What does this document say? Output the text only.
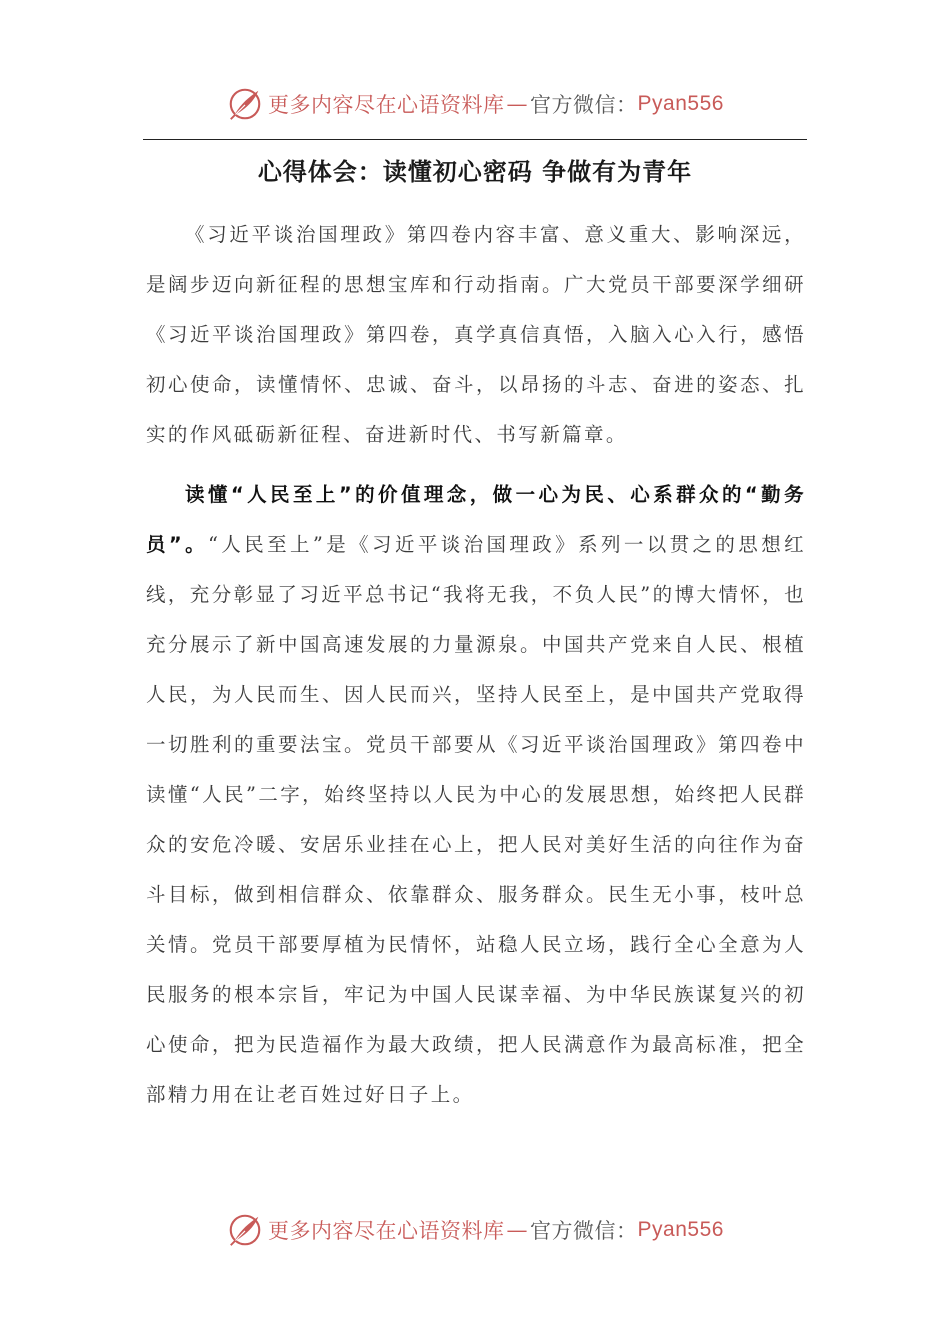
更多内容尽在心语资料库 — 官方微信： Pyan556
心得体会：读懂初心密码 争做有为青年

《习近平谈治国理政》第四卷内容丰富、意义重大、影响深远，是阔步迈向新征程的思想宝库和行动指南。广大党员干部要深学细研《习近平谈治国理政》第四卷，真学真信真悟，入脑入心入行，感悟初心使命，读懂情怀、忠诚、奋斗，以昂扬的斗志、奋进的姿态、扎实的作风砥砺新征程、奋进新时代、书写新篇章。

读懂“人民至上”的价值理念，做一心为民、心系群众的“勤务员”。“人民至上”是《习近平谈治国理政》系列一以贯之的思想红线，充分彰显了习近平总书记“我将无我，不负人民”的博大情怀，也充分展示了新中国高速发展的力量源泉。中国共产党来自人民、根植人民，为人民而生、因人民而兴，坚持人民至上，是中国共产党取得一切胜利的重要法宝。党员干部要从《习近平谈治国理政》第四卷中读懂“人民”二字，始终坚持以人民为中心的发展思想，始终把人民群众的安危冷暖、安居乐业挂在心上，把人民对美好生活的向往作为奋斗目标，做到相信群众、依靠群众、服务群众。民生无小事，枝叶总关情。党员干部要厚植为民情怀，站稳人民立场，践行全心全意为人民服务的根本宗旨，牢记为中国人民谋幸福、为中华民族谋复兴的初心使命，把为民造福作为最大政绩，把人民满意作为最高标准，把全部精力用在让老百姓过好日子上。

更多内容尽在心语资料库 — 官方微信： Pyan556
